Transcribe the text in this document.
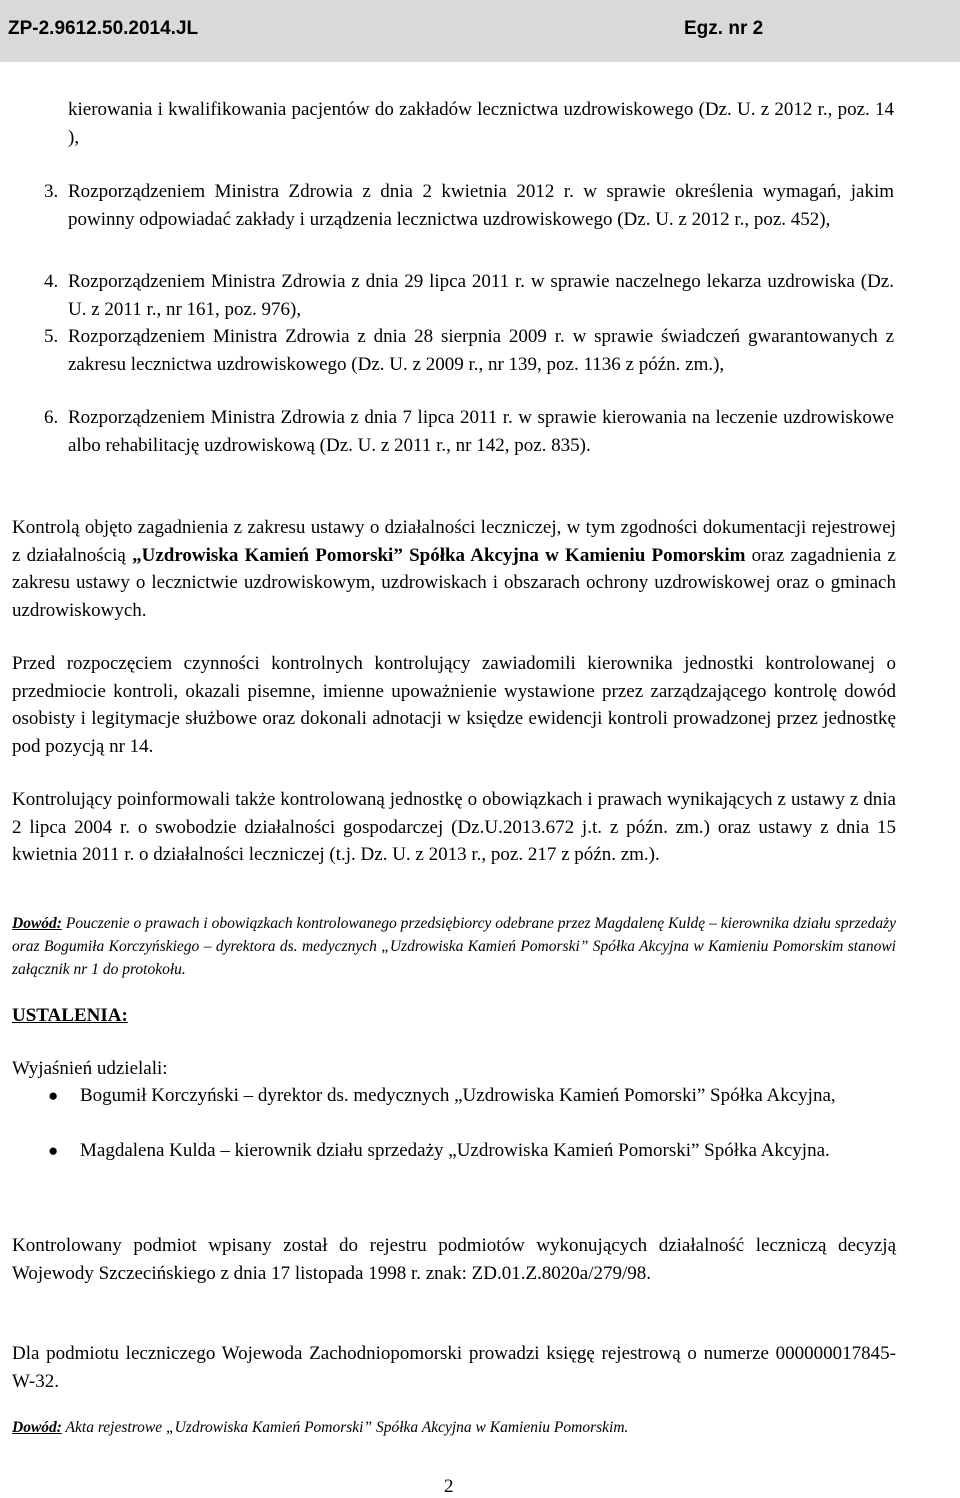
ZP-2.9612.50.2014.JL	Egz. nr 2
kierowania i kwalifikowania pacjentów do zakładów lecznictwa uzdrowiskowego (Dz. U. z 2012 r., poz. 14 ),
3. Rozporządzeniem Ministra Zdrowia z dnia 2 kwietnia 2012 r. w sprawie określenia wymagań, jakim powinny odpowiadać zakłady i urządzenia lecznictwa uzdrowiskowego (Dz. U. z 2012 r., poz. 452),
4. Rozporządzeniem Ministra Zdrowia z dnia 29 lipca 2011 r. w sprawie naczelnego lekarza uzdrowiska (Dz. U. z 2011 r., nr 161, poz. 976),
5. Rozporządzeniem Ministra Zdrowia z dnia 28 sierpnia 2009 r. w sprawie świadczeń gwarantowanych z zakresu lecznictwa uzdrowiskowego (Dz. U. z 2009 r., nr 139, poz. 1136 z późn. zm.),
6. Rozporządzeniem Ministra Zdrowia z dnia 7 lipca 2011 r. w sprawie kierowania na leczenie uzdrowiskowe albo rehabilitację uzdrowiskową (Dz. U. z 2011 r., nr 142, poz. 835).
Kontrolą objęto zagadnienia z zakresu ustawy o działalności leczniczej, w tym zgodności dokumentacji rejestrowej z działalnością „Uzdrowiska Kamień Pomorski” Spółka Akcyjna w Kamieniu Pomorskim oraz zagadnienia z zakresu ustawy o lecznictwie uzdrowiskowym, uzdrowiskach i obszarach ochrony uzdrowiskowej oraz o gminach uzdrowiskowych.
Przed rozpoczęciem czynności kontrolnych kontrolujący zawiadomili kierownika jednostki kontrolowanej o przedmiocie kontroli, okazali pisemne, imienne upoważnienie wystawione przez zarządzającego kontrolę dowód osobisty i legitymacje służbowe oraz dokonali adnotacji w księdze ewidencji kontroli prowadzonej przez jednostkę pod pozycją nr 14.
Kontrolujący poinformowali także kontrolowaną jednostkę o obowiązkach i prawach wynikających z ustawy z dnia 2 lipca 2004 r. o swobodzie działalności gospodarczej (Dz.U.2013.672 j.t. z późn. zm.) oraz ustawy z dnia 15 kwietnia 2011 r. o działalności leczniczej (t.j. Dz. U. z 2013 r., poz. 217 z późn. zm.).
Dowód: Pouczenie o prawach i obowiązkach kontrolowanego przedsiębiorcy odebrane przez Magdalenę Kuldę – kierownika działu sprzedaży oraz Bogumiła Korczyńskiego – dyrektora ds. medycznych „Uzdrowiska Kamień Pomorski” Spółka Akcyjna w Kamieniu Pomorskim stanowi załącznik nr 1 do protokołu.
USTALENIA:
Wyjaśnień udzielali:
● Bogumił Korczyński – dyrektor ds. medycznych „Uzdrowiska Kamień Pomorski” Spółka Akcyjna,
● Magdalena Kulda – kierownik działu sprzedaży „Uzdrowiska Kamień Pomorski” Spółka Akcyjna.
Kontrolowany podmiot wpisany został do rejestru podmiotów wykonujących działalność leczniczą decyzją Wojewody Szczecińskiego z dnia 17 listopada 1998 r. znak: ZD.01.Z.8020a/279/98.
Dla podmiotu leczniczego Wojewoda Zachodniopomorski prowadzi księgę rejestrową o numerze 000000017845-W-32.
Dowód: Akta rejestrowe „Uzdrowiska Kamień Pomorski” Spółka Akcyjna w Kamieniu Pomorskim.
2
